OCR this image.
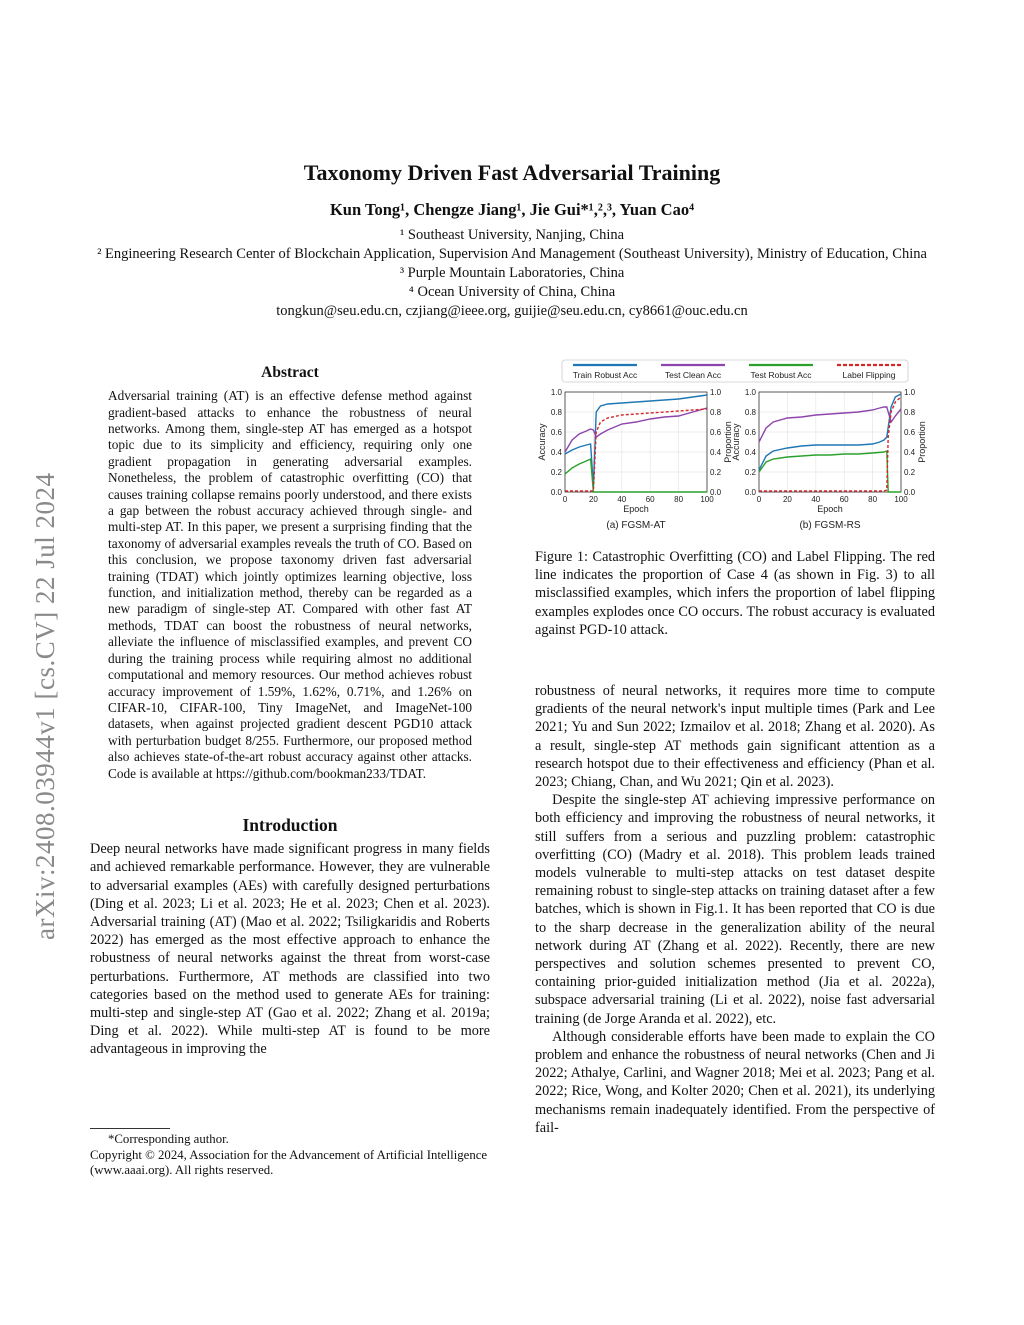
arXiv:2408.03944v1 [cs.CV] 22 Jul 2024
Taxonomy Driven Fast Adversarial Training
Kun Tong¹, Chengze Jiang¹, Jie Gui*¹,²,³, Yuan Cao⁴
¹ Southeast University, Nanjing, China
² Engineering Research Center of Blockchain Application, Supervision And Management (Southeast University), Ministry of Education, China
³ Purple Mountain Laboratories, China
⁴ Ocean University of China, China
tongkun@seu.edu.cn, czjiang@ieee.org, guijie@seu.edu.cn, cy8661@ouc.edu.cn
Abstract

Adversarial training (AT) is an effective defense method against gradient-based attacks to enhance the robustness of neural networks. Among them, single-step AT has emerged as a hotspot topic due to its simplicity and efficiency, requiring only one gradient propagation in generating adversarial examples. Nonetheless, the problem of catastrophic overfitting (CO) that causes training collapse remains poorly understood, and there exists a gap between the robust accuracy achieved through single- and multi-step AT. In this paper, we present a surprising finding that the taxonomy of adversarial examples reveals the truth of CO. Based on this conclusion, we propose taxonomy driven fast adversarial training (TDAT) which jointly optimizes learning objective, loss function, and initialization method, thereby can be regarded as a new paradigm of single-step AT. Compared with other fast AT methods, TDAT can boost the robustness of neural networks, alleviate the influence of misclassified examples, and prevent CO during the training process while requiring almost no additional computational and memory resources. Our method achieves robust accuracy improvement of 1.59%, 1.62%, 0.71%, and 1.26% on CIFAR-10, CIFAR-100, Tiny ImageNet, and ImageNet-100 datasets, when against projected gradient descent PGD10 attack with perturbation budget 8/255. Furthermore, our proposed method also achieves state-of-the-art robust accuracy against other attacks. Code is available at https://github.com/bookman233/TDAT.

Introduction

Deep neural networks have made significant progress in many fields and achieved remarkable performance. However, they are vulnerable to adversarial examples (AEs) with carefully designed perturbations (Ding et al. 2023; Li et al. 2023; He et al. 2023; Chen et al. 2023). Adversarial training (AT) (Mao et al. 2022; Tsiligkaridis and Roberts 2022) has emerged as the most effective approach to enhance the robustness of neural networks against the threat from worst-case perturbations. Furthermore, AT methods are classified into two categories based on the method used to generate AEs for training: multi-step and single-step AT (Gao et al. 2022; Zhang et al. 2019a; Ding et al. 2022). While multi-step AT is found to be more advantageous in improving the

*Corresponding author.
Copyright © 2024, Association for the Advancement of Artificial Intelligence (www.aaai.org). All rights reserved.
Train Robust Acc	Test Clean Acc	Test Robust Acc	Label Flipping
0.0	0.0
0.2	0.2
0.4	0.4
0.6	0.6
0.8	0.8
1.0	1.0
0	20 40 60 80 100
Epoch
Accuracy	Proportion
(a) FGSM-AT
0.0	0.0
0.2	0.2
0.4	0.4
0.6	0.6
0.8	0.8
1.0	1.0
0	20 40 60 80 100
Epoch
Accuracy	Proportion
(b) FGSM-RS
Figure 1: Catastrophic Overfitting (CO) and Label Flipping. The red line indicates the proportion of Case 4 (as shown in Fig. 3) to all misclassified examples, which infers the proportion of label flipping examples explodes once CO occurs. The robust accuracy is evaluated against PGD-10 attack.

robustness of neural networks, it requires more time to compute gradients of the neural network's input multiple times (Park and Lee 2021; Yu and Sun 2022; Izmailov et al. 2018; Zhang et al. 2020). As a result, single-step AT methods gain significant attention as a research hotspot due to their effectiveness and efficiency (Phan et al. 2023; Chiang, Chan, and Wu 2021; Qin et al. 2023).

Despite the single-step AT achieving impressive performance on both efficiency and improving the robustness of neural networks, it still suffers from a serious and puzzling problem: catastrophic overfitting (CO) (Madry et al. 2018). This problem leads trained models vulnerable to multi-step attacks on test dataset despite remaining robust to single-step attacks on training dataset after a few batches, which is shown in Fig.1. It has been reported that CO is due to the sharp decrease in the generalization ability of the neural network during AT (Zhang et al. 2022). Recently, there are new perspectives and solution schemes presented to prevent CO, containing prior-guided initialization method (Jia et al. 2022a), subspace adversarial training (Li et al. 2022), noise fast adversarial training (de Jorge Aranda et al. 2022), etc.

Although considerable efforts have been made to explain the CO problem and enhance the robustness of neural networks (Chen and Ji 2022; Athalye, Carlini, and Wagner 2018; Mei et al. 2023; Pang et al. 2022; Rice, Wong, and Kolter 2020; Chen et al. 2021), its underlying mechanisms remain inadequately identified. From the perspective of fail-
